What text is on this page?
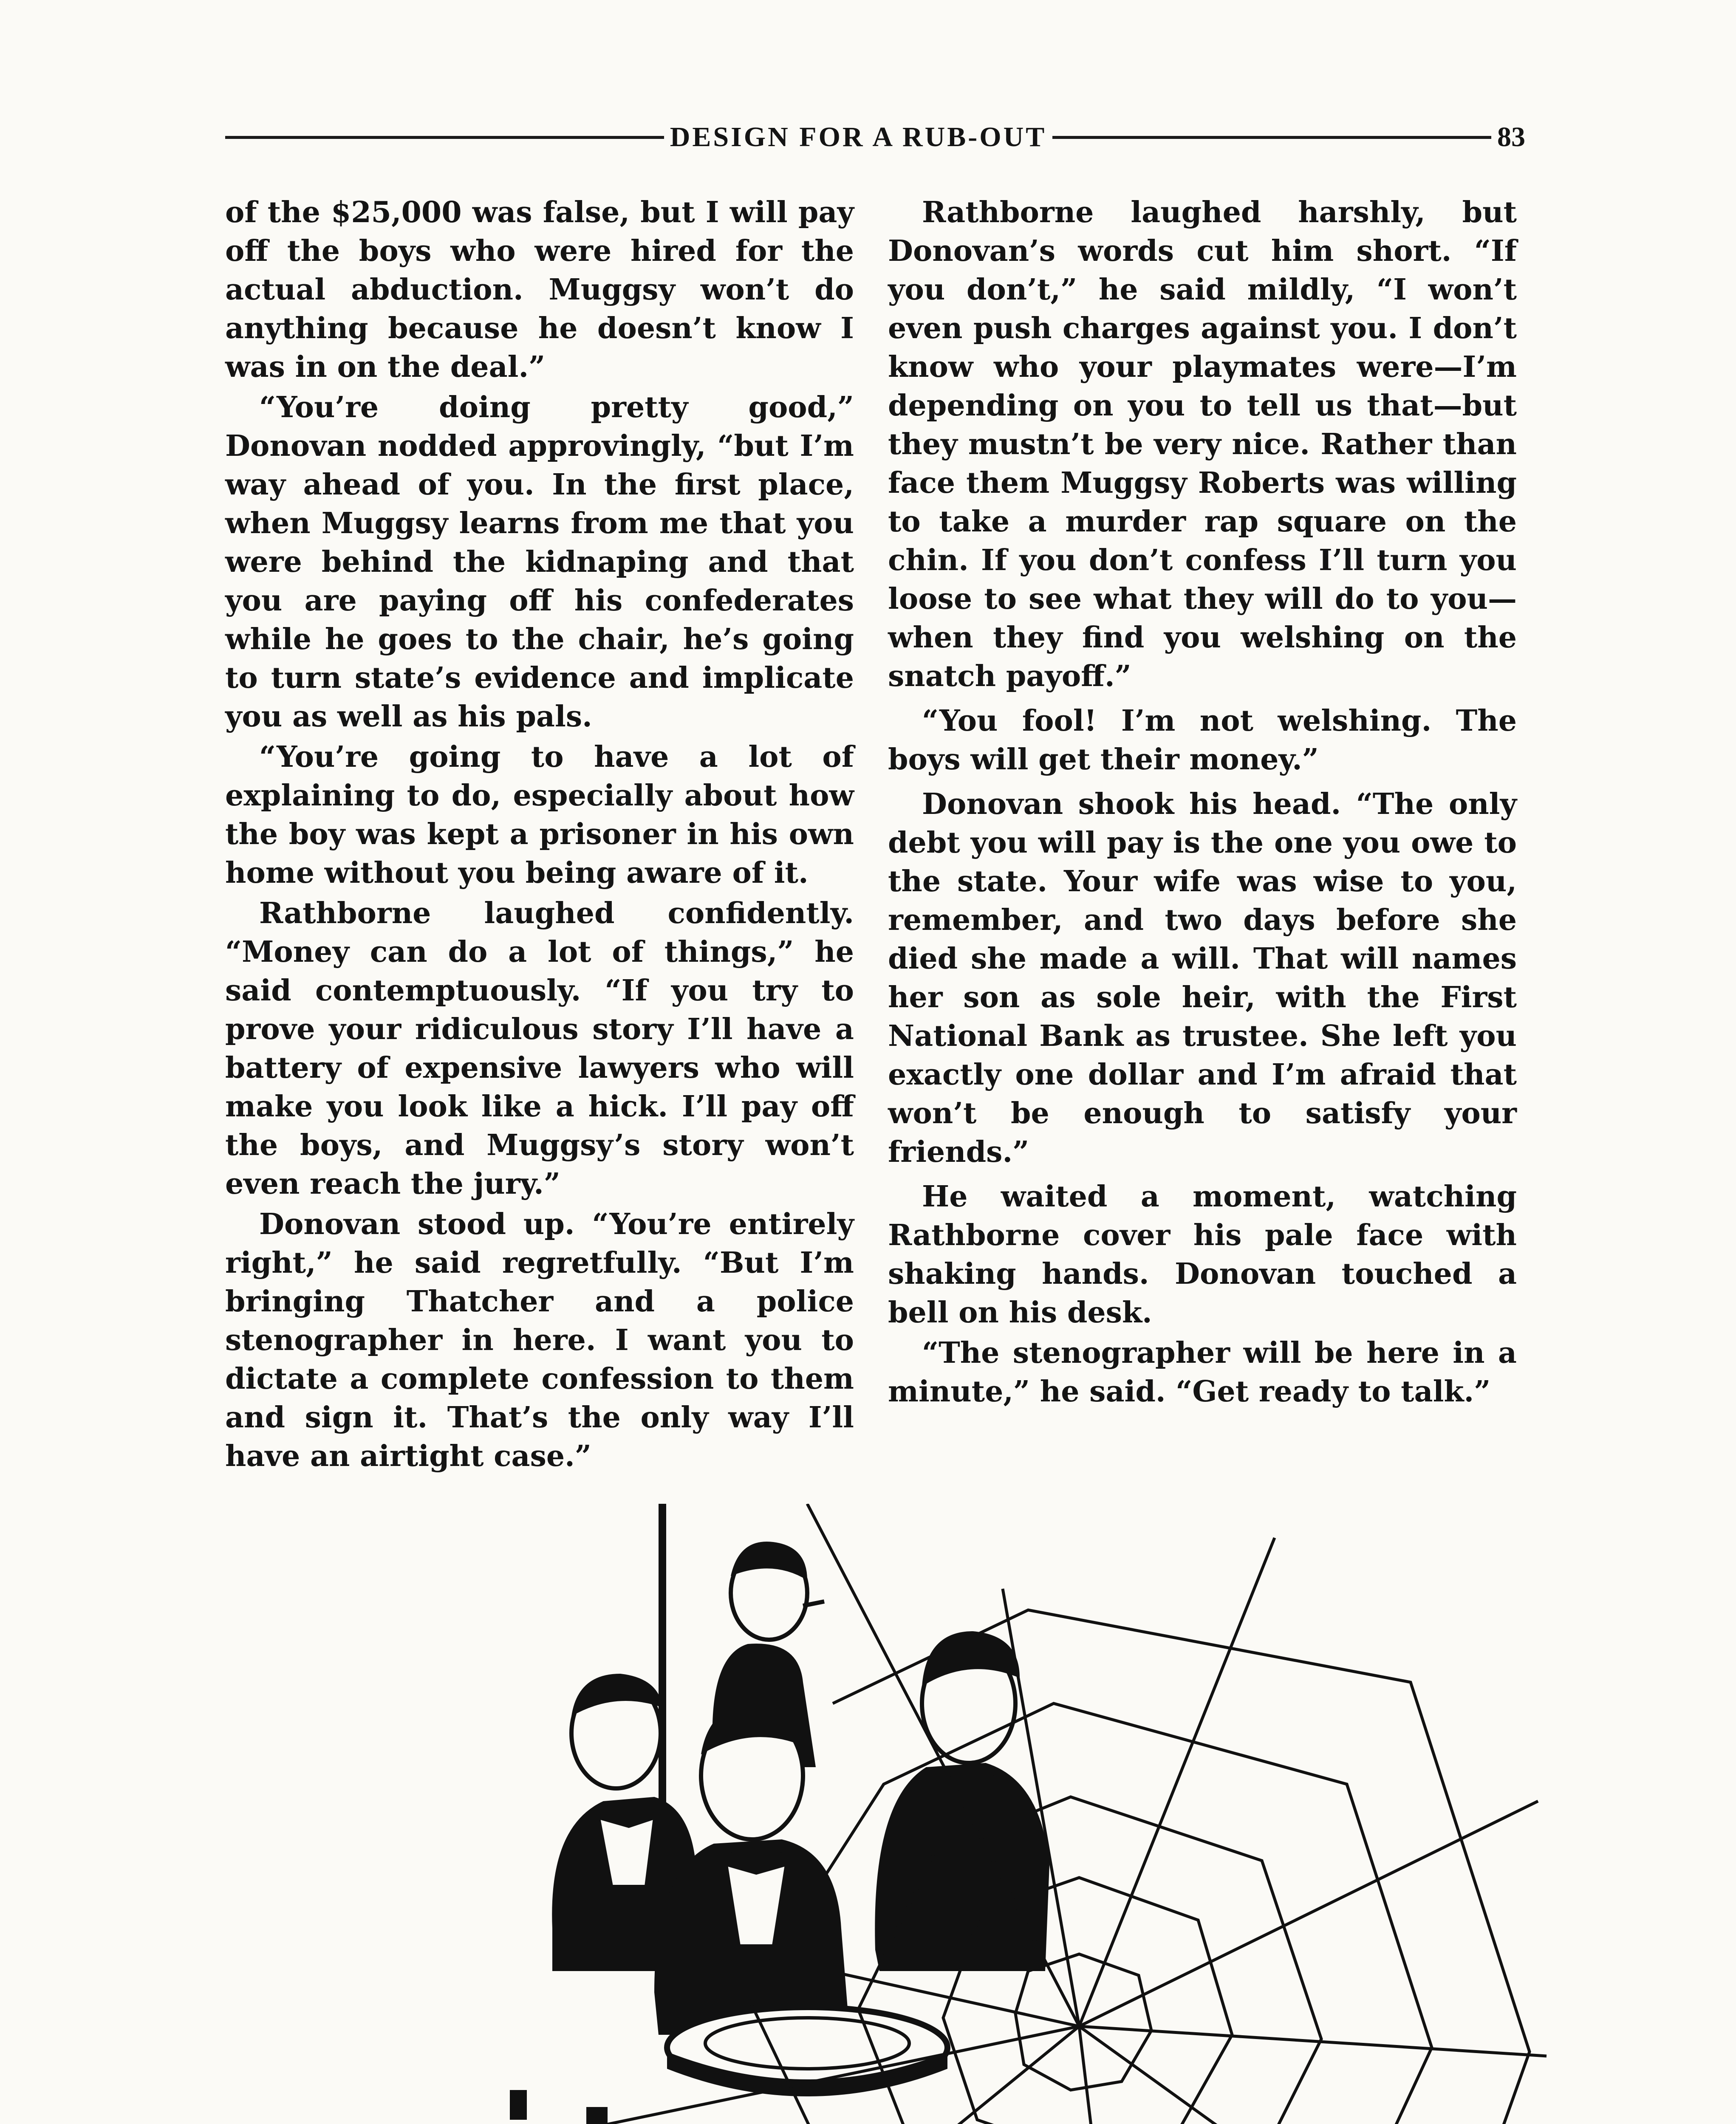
DESIGN FOR A RUB-OUT	83

of the $25,000 was false, but I will pay off the boys who were hired for the actual abduction. Muggsy won’t do anything because he doesn’t know I was in on the deal.”

“You’re doing pretty good,” Donovan nodded approvingly, “but I’m way ahead of you. In the first place, when Muggsy learns from me that you were behind the kidnaping and that you are paying off his confederates while he goes to the chair, he’s going to turn state’s evidence and implicate you as well as his pals.

“You’re going to have a lot of explaining to do, especially about how the boy was kept a prisoner in his own home without you being aware of it.

Rathborne laughed confidently. “Money can do a lot of things,” he said contemptuously. “If you try to prove your ridiculous story I’ll have a battery of expensive lawyers who will make you look like a hick. I’ll pay off the boys, and Muggsy’s story won’t even reach the jury.”

Donovan stood up. “You’re entirely right,” he said regretfully. “But I’m bringing Thatcher and a police stenographer in here. I want you to dictate a complete confession to them and sign it. That’s the only way I’ll have an airtight case.”

Rathborne laughed harshly, but Donovan’s words cut him short. “If you don’t,” he said mildly, “I won’t even push charges against you. I don’t know who your playmates were—I’m depending on you to tell us that—but they mustn’t be very nice. Rather than face them Muggsy Roberts was willing to take a murder rap square on the chin. If you don’t confess I’ll turn you loose to see what they will do to you—when they find you welshing on the snatch payoff.”

“You fool! I’m not welshing. The boys will get their money.”

Donovan shook his head. “The only debt you will pay is the one you owe to the state. Your wife was wise to you, remember, and two days before she died she made a will. That will names her son as sole heir, with the First National Bank as trustee. She left you exactly one dollar and I’m afraid that won’t be enough to satisfy your friends.”

He waited a moment, watching Rathborne cover his pale face with shaking hands. Donovan touched a bell on his desk.

“The stenographer will be here in a minute,” he said. “Get ready to talk.”
